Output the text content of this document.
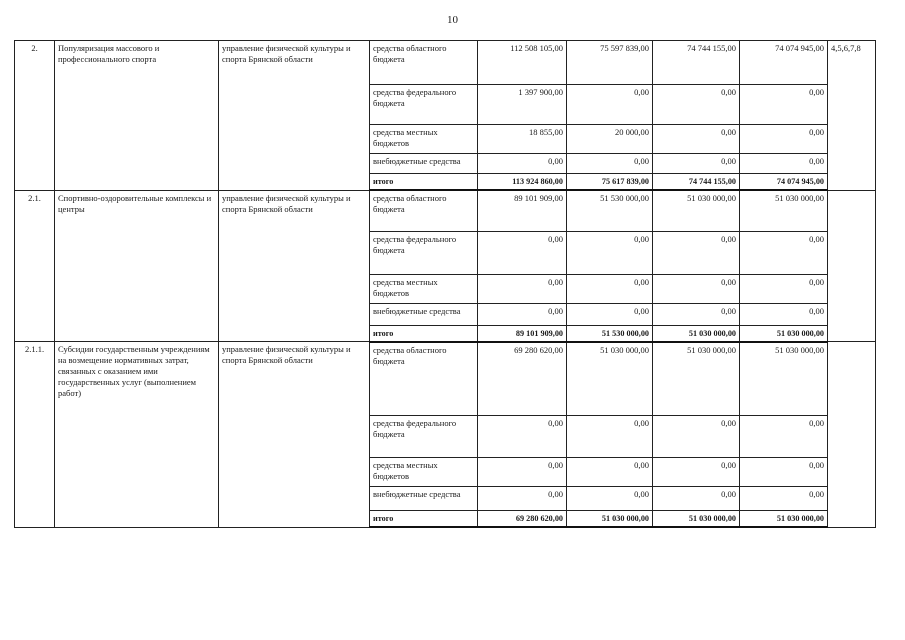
10
2.	Популяризация массового и профессионального спорта	управление физической культуры и спорта Брянской области	средства областного бюджета	112 508 105,00	75 597 839,00	74 744 155,00	74 074 945,00	4,5,6,7,8
			средства федерального бюджета	1 397 900,00	0,00	0,00	0,00	
			средства местных бюджетов	18 855,00	20 000,00	0,00	0,00	
			внебюджетные средства	0,00	0,00	0,00	0,00	
			итого	113 924 860,00	75 617 839,00	74 744 155,00	74 074 945,00	
2.1.	Спортивно-оздоровительные комплексы и центры	управление физической культуры и спорта Брянской области	средства областного бюджета	89 101 909,00	51 530 000,00	51 030 000,00	51 030 000,00	
			средства федерального бюджета	0,00	0,00	0,00	0,00	
			средства местных бюджетов	0,00	0,00	0,00	0,00	
			внебюджетные средства	0,00	0,00	0,00	0,00	
			итого	89 101 909,00	51 530 000,00	51 030 000,00	51 030 000,00	
2.1.1.	Субсидии государственным учреждениям на возмещение нормативных затрат, связанных с оказанием ими государственных услуг (выполнением работ)	управление физической культуры и спорта Брянской области	средства областного бюджета	69 280 620,00	51 030 000,00	51 030 000,00	51 030 000,00	
			средства федерального бюджета	0,00	0,00	0,00	0,00	
			средства местных бюджетов	0,00	0,00	0,00	0,00	
			внебюджетные средства	0,00	0,00	0,00	0,00	
			итого	69 280 620,00	51 030 000,00	51 030 000,00	51 030 000,00	
